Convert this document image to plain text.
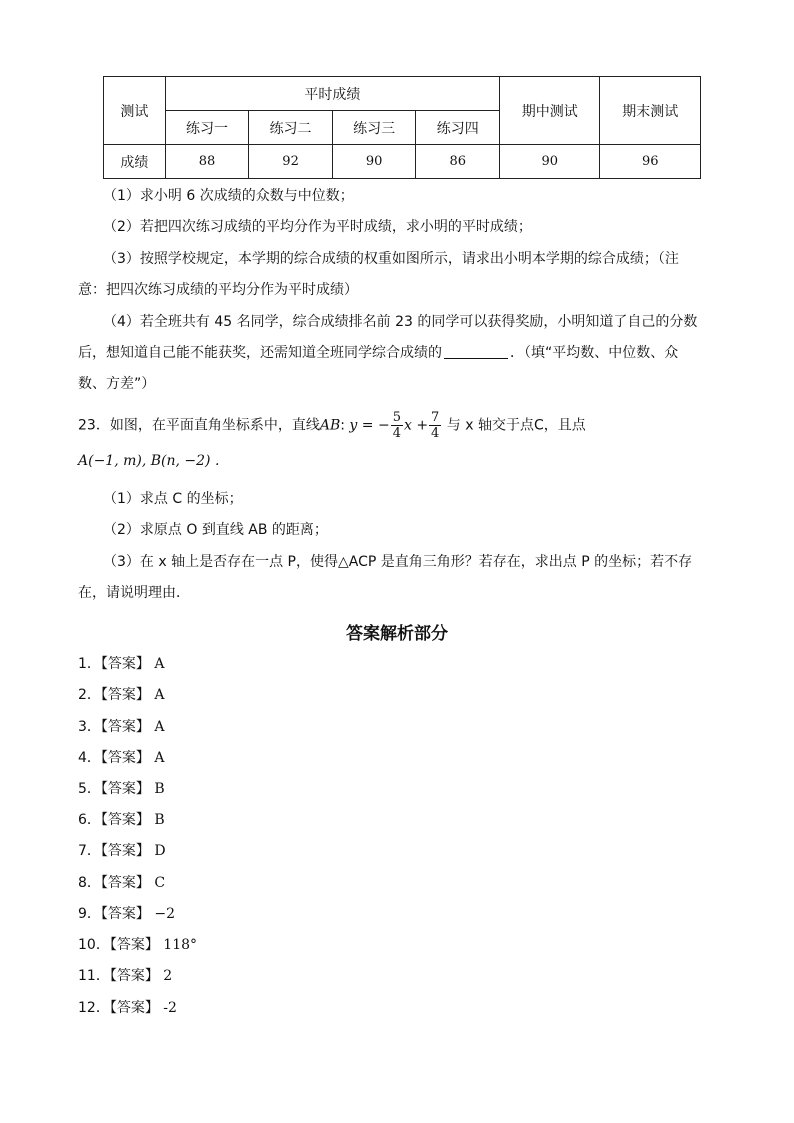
测试	平时成绩				期中测试	期末测试
	练习一	练习二	练习三	练习四		
成绩	88	92	90	86	90	96
（1）求小明 6 次成绩的众数与中位数；
（2）若把四次练习成绩的平均分作为平时成绩，求小明的平时成绩；
（3）按照学校规定，本学期的综合成绩的权重如图所示，请求出小明本学期的综合成绩；（注
意：把四次练习成绩的平均分作为平时成绩）
（4）若全班共有 45 名同学，综合成绩排名前 23 的同学可以获得奖励，小明知道了自己的分数
后，想知道自己能不能获奖，还需知道全班同学综合成绩的	．（填“平均数、中位数、众
数、方差”）
23．如图，在平面直角坐标系中，直线AB: y = − $\frac{5}{4}$ $x + \frac{7}{4}$ 与 x 轴交于点C，且点
A(−1, m), B(n, −2) .
（1）求点 C 的坐标；
（2）求原点 O 到直线 AB 的距离；
（3）在 x 轴上是否存在一点 P，使得△ACP 是直角三角形？若存在，求出点 P 的坐标；若不存
在，请说明理由．
答案解析部分
1．【答案】 A
2．【答案】 A
3．【答案】 A
4．【答案】 A
5．【答案】 B
6．【答案】 B
7．【答案】 D
8．【答案】 C
9．【答案】 −2
10．【答案】 118°
11．【答案】 2
12．【答案】 -2
